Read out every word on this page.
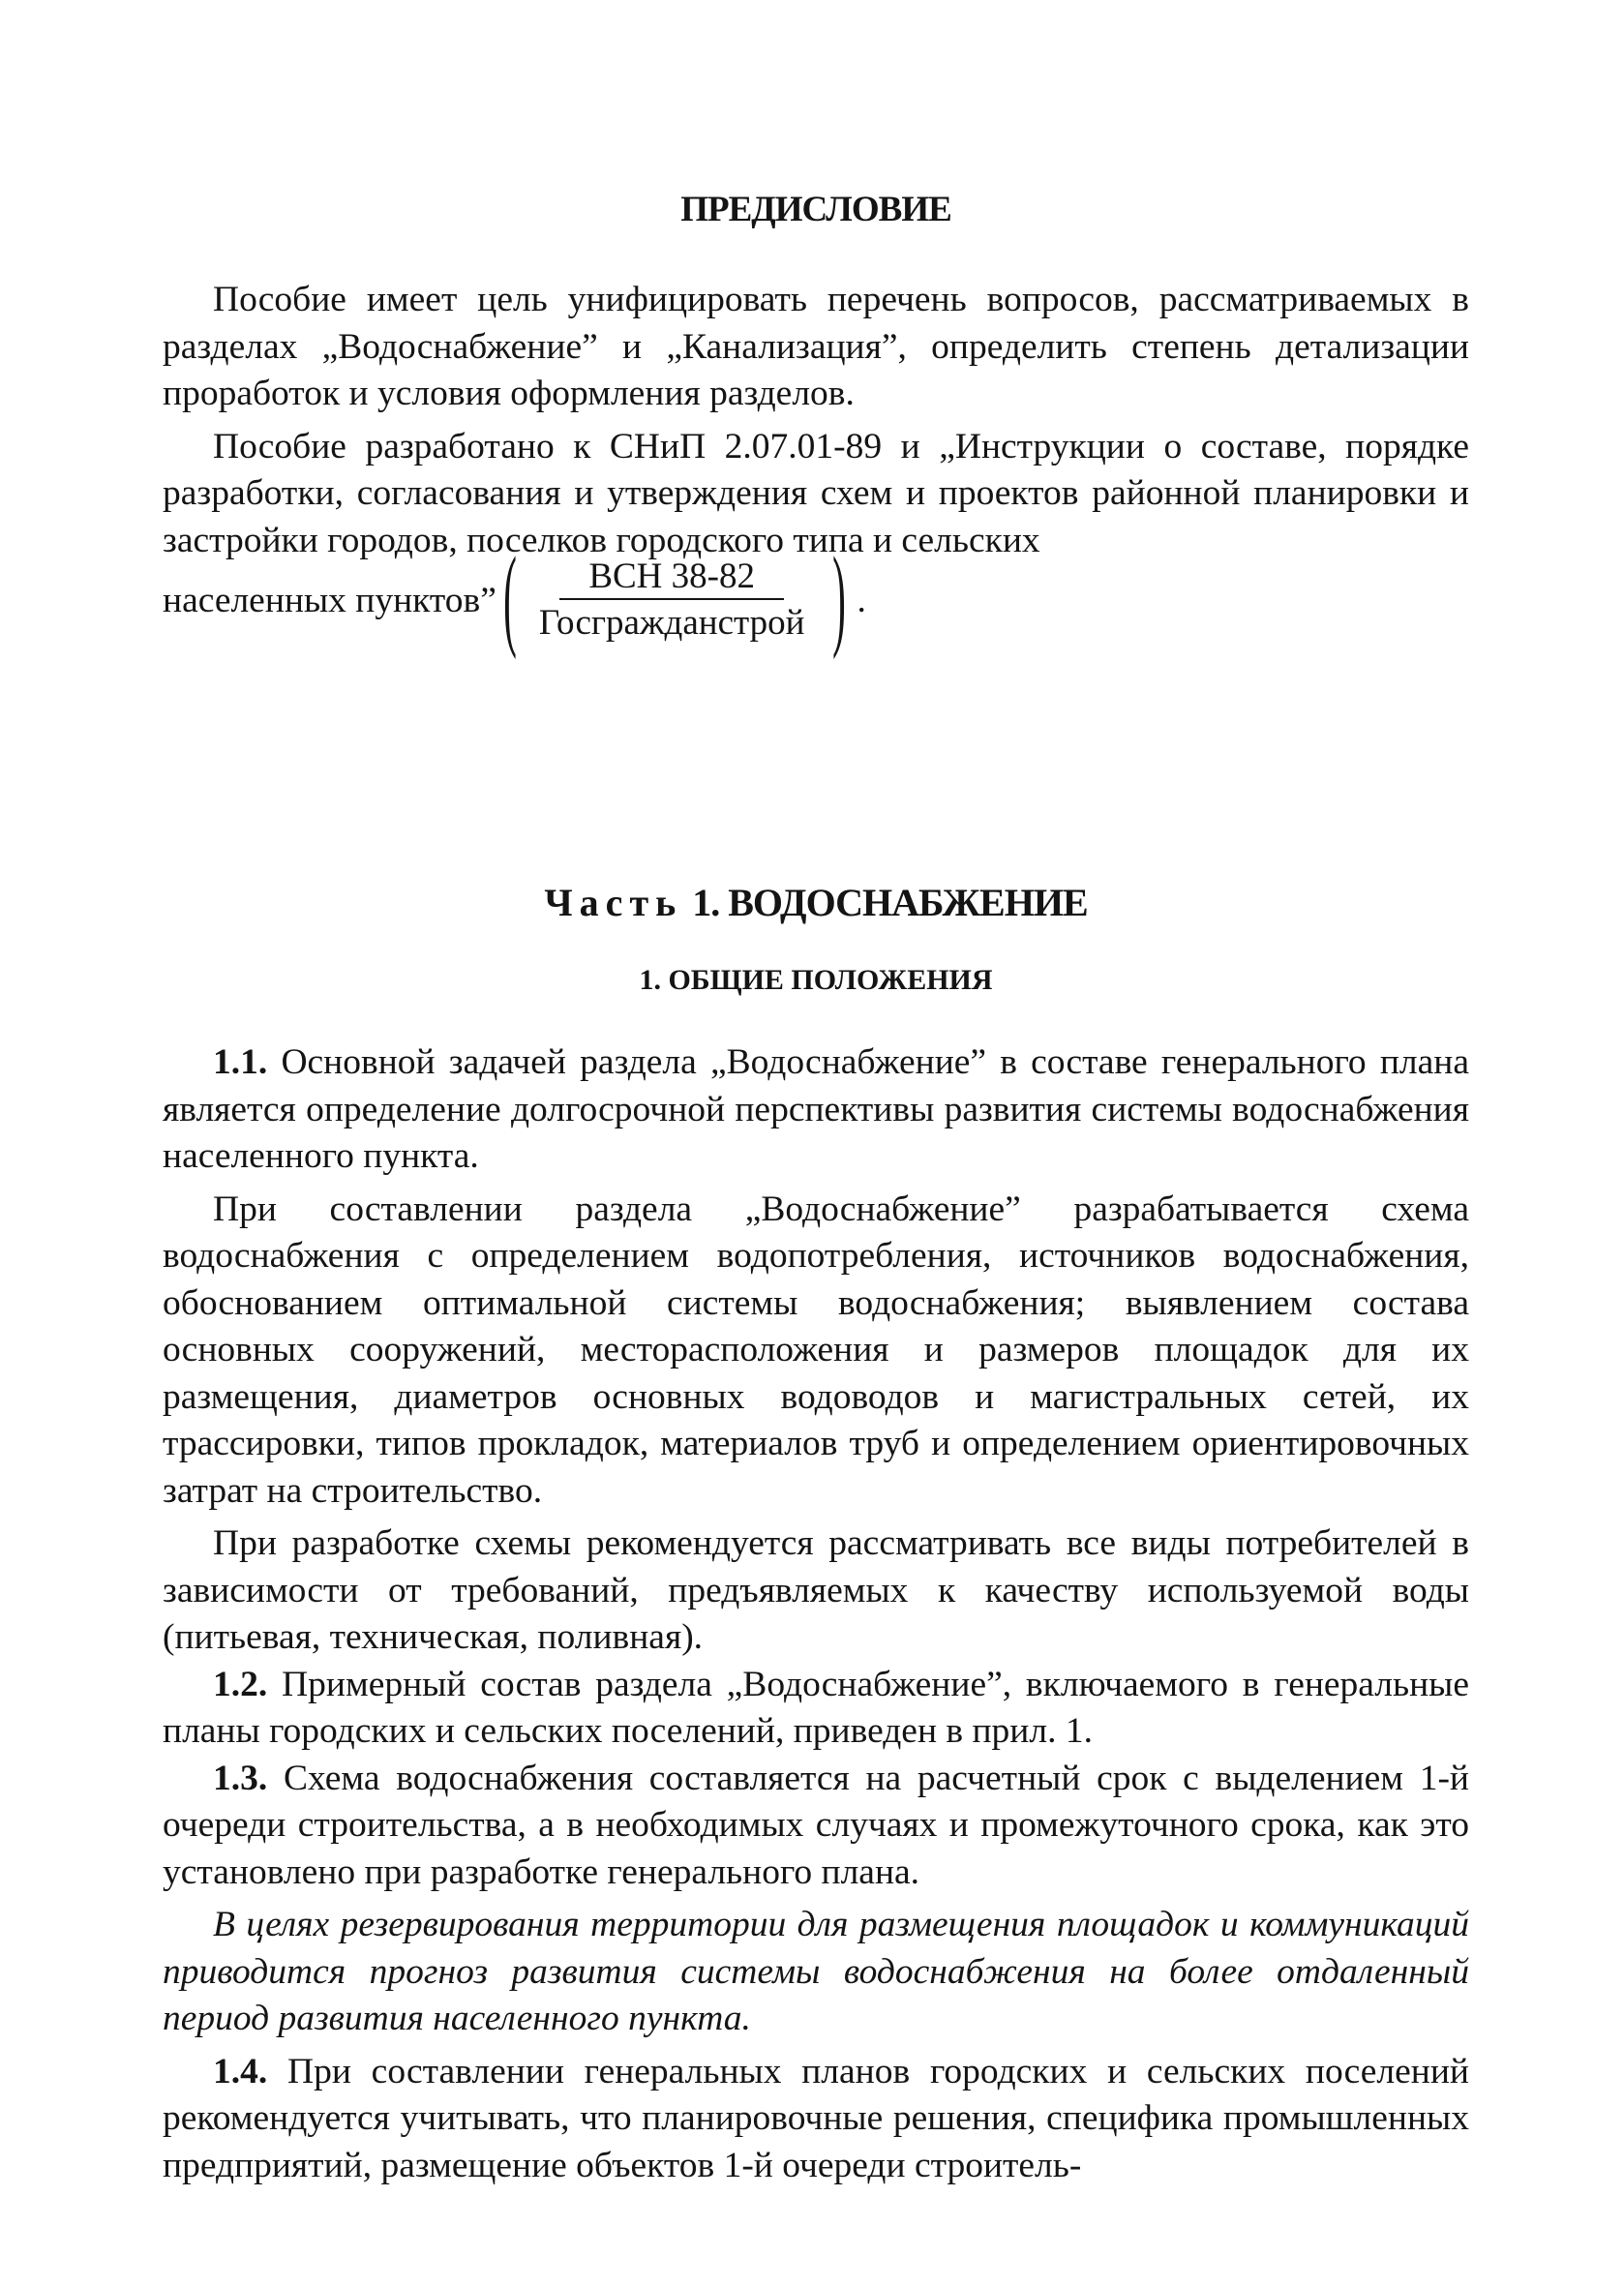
ПРЕДИСЛОВИЕ

Пособие имеет цель унифицировать перечень вопросов, рассматриваемых в разделах „Водоснабжение” и „Канализация”, определить степень детализации проработок и условия оформления разделов.

Пособие разработано к СНиП 2.07.01-89 и „Инструкции о составе, порядке разработки, согласования и утверждения схем и проектов районной планировки и застройки городов, поселков городского типа и сельских

населенных пунктов” ( $\frac{\text{ВСН 38-82}}{\text{Госгражданстрой}}$ ) .

Часть 1. ВОДОСНАБЖЕНИЕ
1. ОБЩИЕ ПОЛОЖЕНИЯ

1.1. Основной задачей раздела „Водоснабжение” в составе генерального плана является определение долгосрочной перспективы развития системы водоснабжения населенного пункта.

При составлении раздела „Водоснабжение” разрабатывается схема водоснабжения с определением водопотребления, источников водоснабжения, обоснованием оптимальной системы водоснабжения; выявлением состава основных сооружений, месторасположения и размеров площадок для их размещения, диаметров основных водоводов и магистральных сетей, их трассировки, типов прокладок, материалов труб и определением ориентировочных затрат на строительство.

При разработке схемы рекомендуется рассматривать все виды потребителей в зависимости от требований, предъявляемых к качеству используемой воды (питьевая, техническая, поливная).

1.2. Примерный состав раздела „Водоснабжение”, включаемого в генеральные планы городских и сельских поселений, приведен в прил. 1.

1.3. Схема водоснабжения составляется на расчетный срок с выделением 1-й очереди строительства, а в необходимых случаях и промежуточного срока, как это установлено при разработке генерального плана.

В целях резервирования территории для размещения площадок и коммуникаций приводится прогноз развития системы водоснабжения на более отдаленный период развития населенного пункта.

1.4. При составлении генеральных планов городских и сельских поселений рекомендуется учитывать, что планировочные решения, специфика промышленных предприятий, размещение объектов 1-й очереди строитель-
